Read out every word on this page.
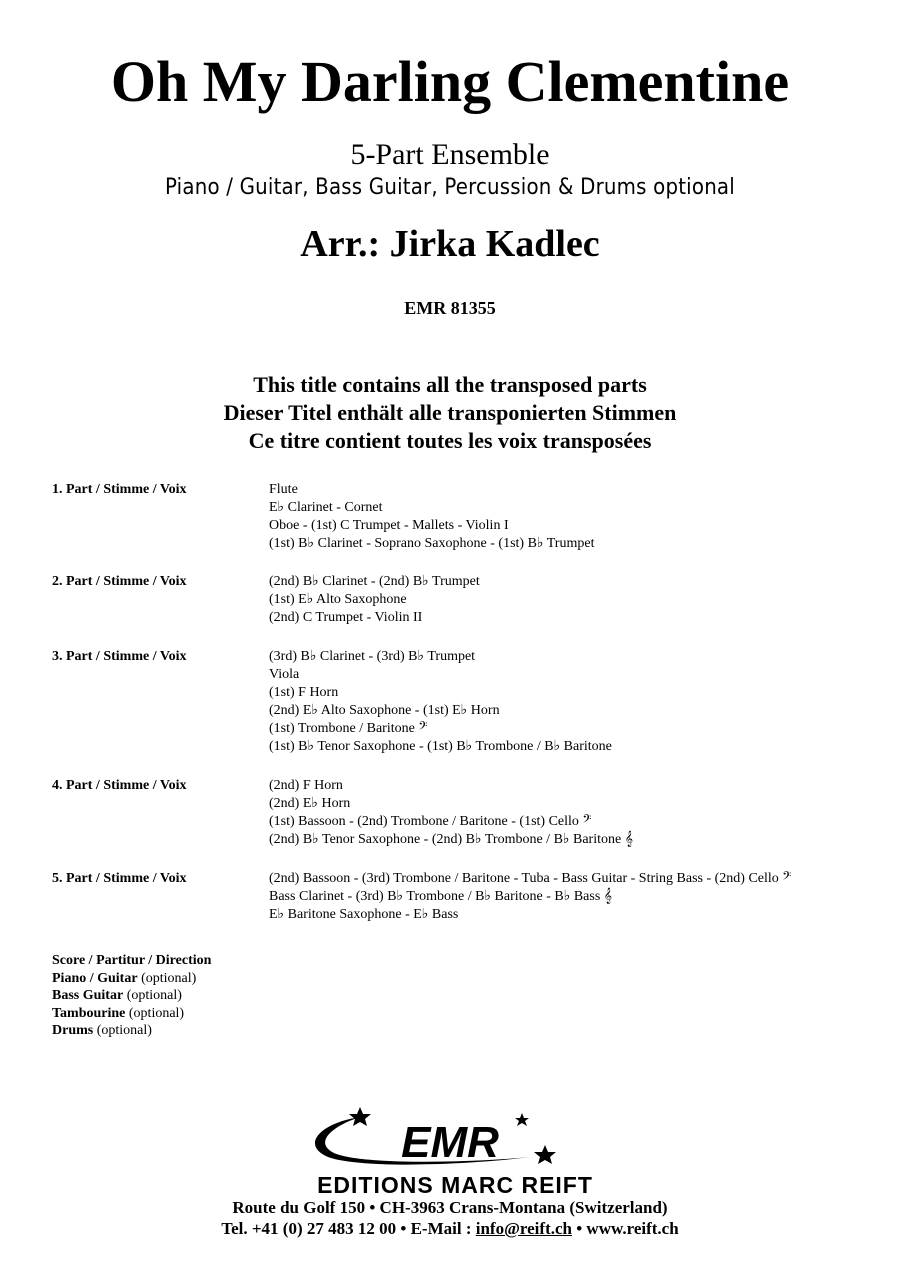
Oh My Darling Clementine
5-Part Ensemble
Piano / Guitar, Bass Guitar, Percussion & Drums optional
Arr.: Jirka Kadlec
EMR 81355
This title contains all the transposed parts
Dieser Titel enthält alle transponierten Stimmen
Ce titre contient toutes les voix transposées
1. Part / Stimme / Voix	Flute
E♭ Clarinet - Cornet
Oboe - (1st) C Trumpet - Mallets - Violin I
(1st) B♭ Clarinet - Soprano Saxophone - (1st) B♭ Trumpet
2. Part / Stimme / Voix	(2nd) B♭ Clarinet - (2nd) B♭ Trumpet
(1st) E♭ Alto Saxophone
(2nd) C Trumpet - Violin II
3. Part / Stimme / Voix	(3rd) B♭ Clarinet - (3rd) B♭ Trumpet
Viola
(1st) F Horn
(2nd) E♭ Alto Saxophone - (1st) E♭ Horn
(1st) Trombone / Baritone 𝄢
(1st) B♭ Tenor Saxophone - (1st) B♭ Trombone / B♭ Baritone
4. Part / Stimme / Voix	(2nd) F Horn
(2nd) E♭ Horn
(1st) Bassoon - (2nd) Trombone / Baritone - (1st) Cello 𝄢
(2nd) B♭ Tenor Saxophone - (2nd) B♭ Trombone / B♭ Baritone 𝄞
5. Part / Stimme / Voix	(2nd) Bassoon - (3rd) Trombone / Baritone - Tuba - Bass Guitar - String Bass - (2nd) Cello 𝄢
Bass Clarinet - (3rd) B♭ Trombone / B♭ Baritone - B♭ Bass 𝄞
E♭ Baritone Saxophone - E♭ Bass
Score / Partitur / Direction
Piano / Guitar (optional)
Bass Guitar (optional)
Tambourine (optional)
Drums (optional)
EMR
EDITIONS MARC REIFT
Route du Golf 150 • CH-3963 Crans-Montana (Switzerland)
Tel. +41 (0) 27 483 12 00 • E-Mail : info@reift.ch • www.reift.ch
